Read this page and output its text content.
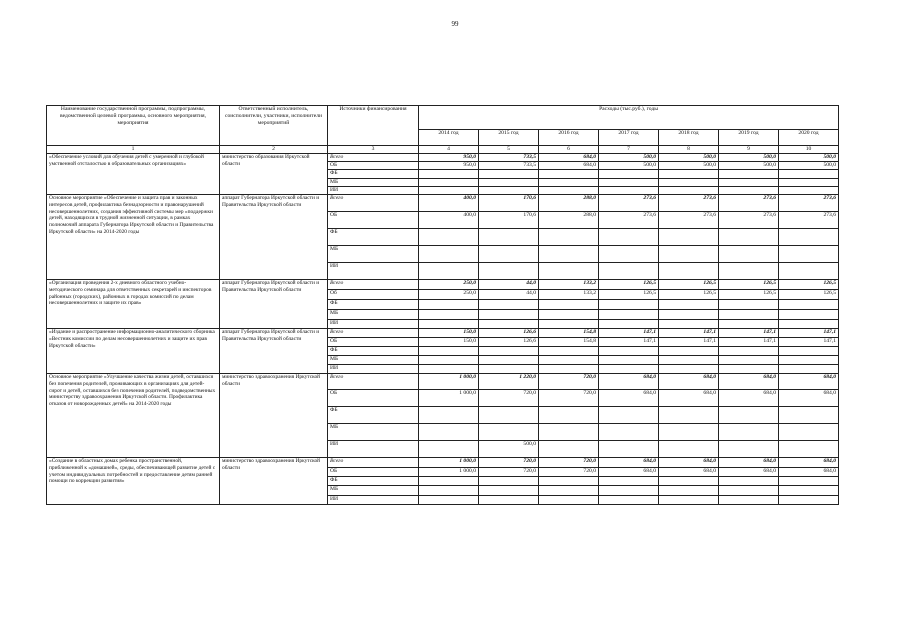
99
Наименование государственной программы, подпрограммы, ведомственной целевой программы, основного мероприятия, мероприятия	Ответственный исполнитель, соисполнители, участники, исполнители мероприятий	Источники финансирования	Расходы (тыс.руб.), годы						
			2014 год	2015 год	2016 год	2017 год	2018 год	2019 год	2020 год
1	2	3	4	5	6	7	8	9	10
«Обеспечение условий для обучения детей с умеренной и глубокой умственной отсталостью в образовательных организациях»	министерство образования Иркутской области	Всего	950,0	733,5	684,0	500,0	500,0	500,0	500,0
		ОБ	950,0	733,5	684,0	500,0	500,0	500,0	500,0
		ФБ							
		МБ							
		ИИ							
Основное мероприятие «Обеспечение и защита прав и законных интересов детей, профилактика безнадзорности и правонарушений несовершеннолетних, создания эффективной системы мер «поддержки детей, находящихся в трудной жизненной ситуации, в рамках полномочий аппарата Губернатора Иркутской области и Правительства Иркутской области» на 2014-2020 годы	аппарат Губернатора Иркутской области и Правительства Иркутской области	Всего	400,0	170,6	288,0	273,6	273,6	273,6	273,6
		ОБ	400,0	170,6	288,0	273,6	273,6	273,6	273,6
		ФБ							
		МБ							
		ИИ							
«Организация проведения 2-х дневного областного учебно-методического семинара для ответственных секретарей и инспекторов районных (городских), районных в городах комиссий по делам несовершеннолетних и защите их прав»	аппарат Губернатора Иркутской области и Правительства Иркутской области	Всего	250,0	44,0	133,2	126,5	126,5	126,5	126,5
		Об	250,0	44,0	133,2	126,5	126,5	126,5	126,5
		ФБ							
		МБ							
		ИИ							
«Издание и распространение информационно-аналитического сборника «Вестник комиссии по делам несовершеннолетних и защите их прав Иркутской области»	аппарат Губернатора Иркутской области и Правительства Иркутской области	Всего	150,0	126,6	154,8	147,1	147,1	147,1	147,1
		ОБ	150,0	126,6	154,8	147,1	147,1	147,1	147,1
		ФБ							
		МБ							
		ИИ							
Основное мероприятие «Улучшение качества жизни детей, оставшихся без попечения родителей, проживающих в организациях для детей-сирот и детей, оставшихся без попечения родителей, подведомственных министерству здравоохранения Иркутской области. Профилактика отказов от новорожденных детей» на 2014-2020 годы	министерство здравоохранения Иркутской области	Всего	1 000,0	1 220,0	720,0	684,0	684,0	684,0	684,0
		ОБ	1 000,0	720,0	720,0	684,0	684,0	684,0	684,0
		ФБ							
		МБ							
		ИИ		500,0					
«Создание в областных домах ребенка пространственной, приближенной к «домашней», среды, обеспечивающей развитие детей с учетом индивидуальных потребностей и предоставление детям ранней помощи по коррекции развития»	министерство здравоохранения Иркутской области	Всего	1 000,0	720,0	720,0	684,0	684,0	684,0	684,0
		ОБ	1 000,0	720,0	720,0	684,0	684,0	684,0	684,0
		ФБ							
		МБ							
		ИИ							
